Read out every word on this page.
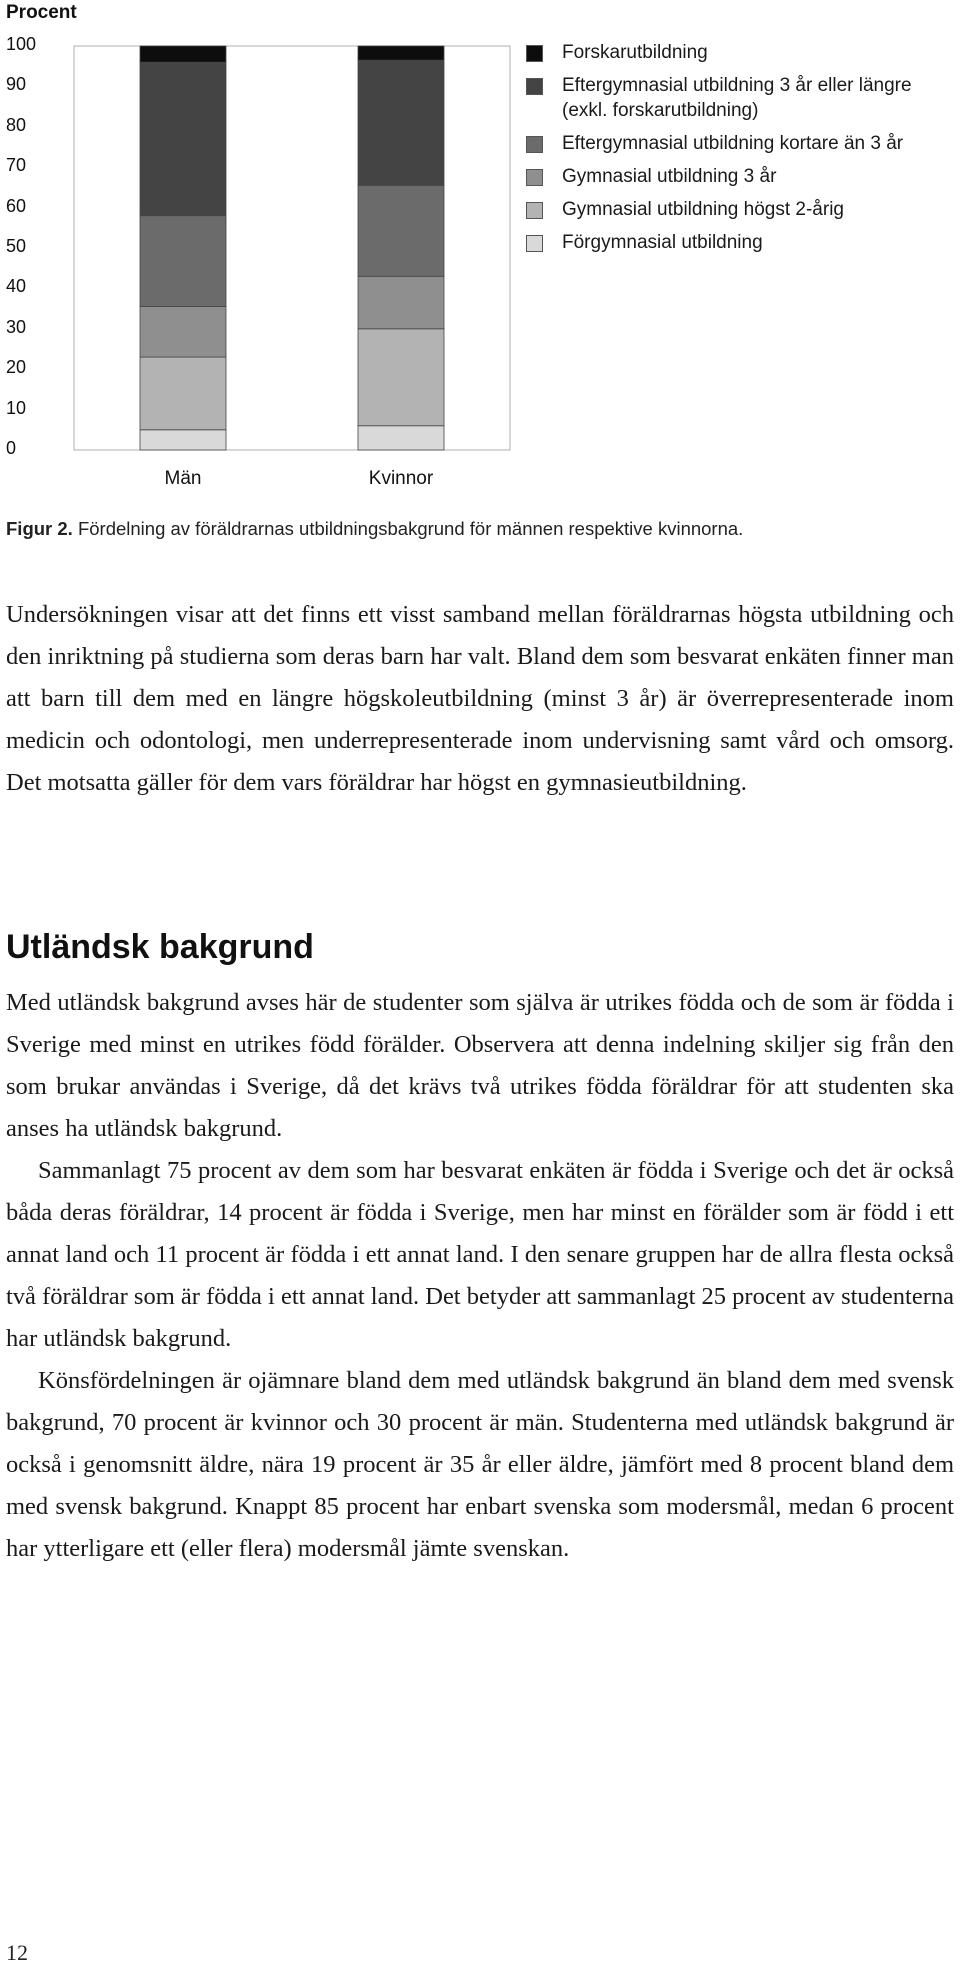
Procent
100
90
80
70
60
50
40
30
20
10
0
Män	Kvinnor
Forskarutbildning
Eftergymnasial utbildning 3 år eller längre (exkl. forskarutbildning)
Eftergymnasial utbildning kortare än 3 år
Gymnasial utbildning 3 år
Gymnasial utbildning högst 2-årig
Förgymnasial utbildning
Figur 2. Fördelning av föräldrarnas utbildningsbakgrund för männen respektive kvinnorna.

Undersökningen visar att det finns ett visst samband mellan föräldrarnas högsta utbildning och den inriktning på studierna som deras barn har valt. Bland dem som besvarat enkäten finner man att barn till dem med en längre högskoleutbildning (minst 3 år) är överrepresenterade inom medicin och odontologi, men underrepresenterade inom undervisning samt vård och omsorg. Det motsatta gäller för dem vars föräldrar har högst en gymnasieutbildning.

Utländsk bakgrund

Med utländsk bakgrund avses här de studenter som själva är utrikes födda och de som är födda i Sverige med minst en utrikes född förälder. Observera att denna indelning skiljer sig från den som brukar användas i Sverige, då det krävs två utrikes födda föräldrar för att studenten ska anses ha utländsk bakgrund.

Sammanlagt 75 procent av dem som har besvarat enkäten är födda i Sverige och det är också båda deras föräldrar, 14 procent är födda i Sverige, men har minst en förälder som är född i ett annat land och 11 procent är födda i ett annat land. I den senare gruppen har de allra flesta också två föräldrar som är födda i ett annat land. Det betyder att sammanlagt 25 procent av studenterna har utländsk bakgrund.

Könsfördelningen är ojämnare bland dem med utländsk bakgrund än bland dem med svensk bakgrund, 70 procent är kvinnor och 30 procent är män. Studenterna med utländsk bakgrund är också i genomsnitt äldre, nära 19 procent är 35 år eller äldre, jämfört med 8 procent bland dem med svensk bakgrund. Knappt 85 procent har enbart svenska som modersmål, medan 6 procent har ytterligare ett (eller flera) modersmål jämte svenskan.

12
